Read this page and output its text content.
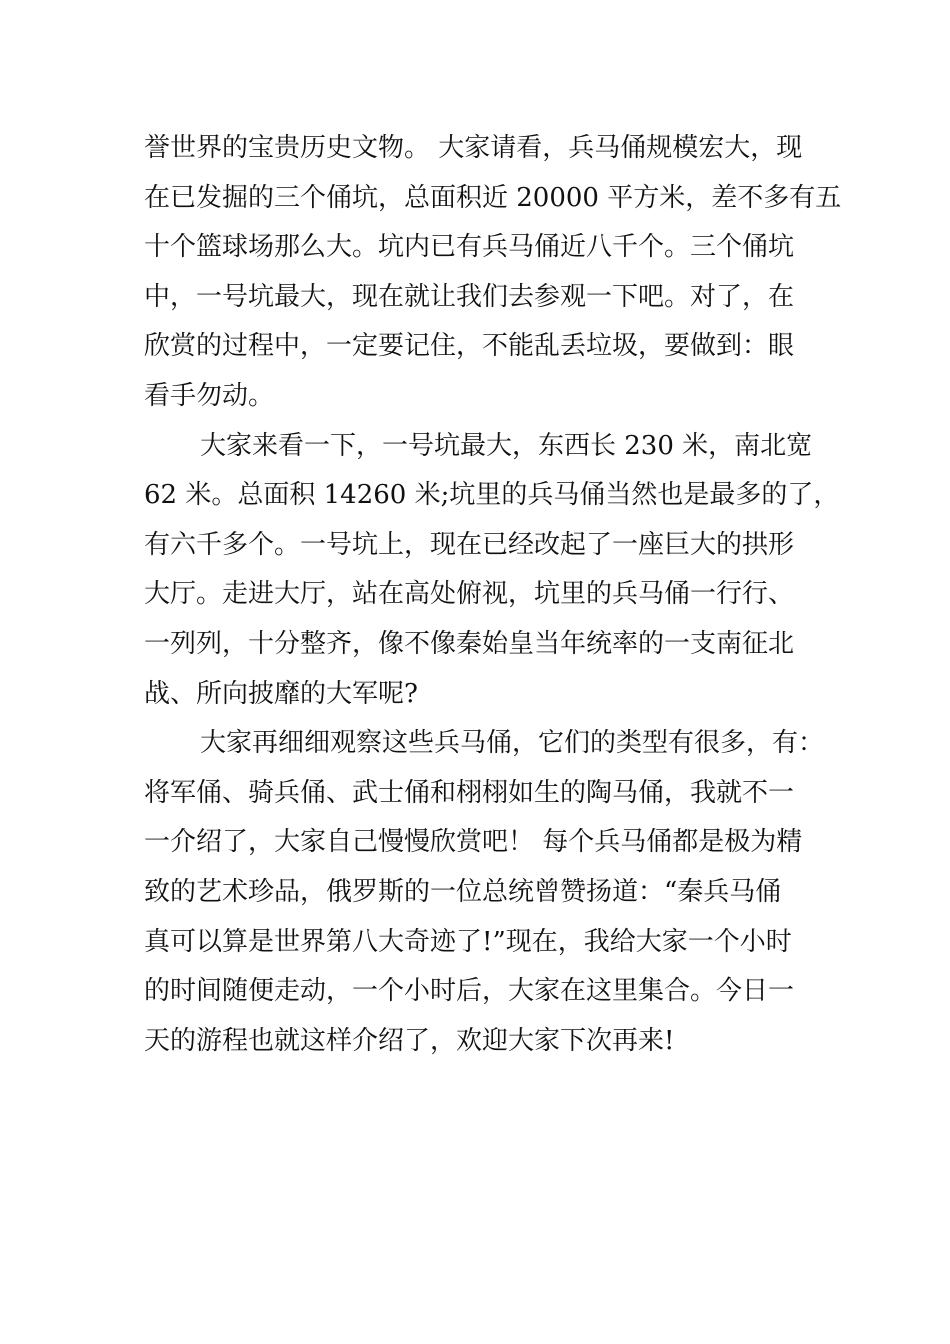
誉世界的宝贵历史文物。 大家请看，兵马俑规模宏大，现
在已发掘的三个俑坑，总面积近 20000 平方米，差不多有五
十个篮球场那么大。坑内已有兵马俑近八千个。三个俑坑
中，一号坑最大，现在就让我们去参观一下吧。对了，在
欣赏的过程中，一定要记住，不能乱丢垃圾，要做到：眼
看手勿动。
大家来看一下，一号坑最大，东西长 230 米，南北宽
62 米。总面积 14260 米;坑里的兵马俑当然也是最多的了，
有六千多个。一号坑上，现在已经改起了一座巨大的拱形
大厅。走进大厅，站在高处俯视，坑里的兵马俑一行行、
一列列，十分整齐，像不像秦始皇当年统率的一支南征北
战、所向披靡的大军呢?
大家再细细观察这些兵马俑，它们的类型有很多，有：
将军俑、骑兵俑、武士俑和栩栩如生的陶马俑，我就不一
一介绍了，大家自己慢慢欣赏吧！ 每个兵马俑都是极为精
致的艺术珍品，俄罗斯的一位总统曾赞扬道：“秦兵马俑
真可以算是世界第八大奇迹了!”现在，我给大家一个小时
的时间随便走动，一个小时后，大家在这里集合。今日一
天的游程也就这样介绍了，欢迎大家下次再来!
